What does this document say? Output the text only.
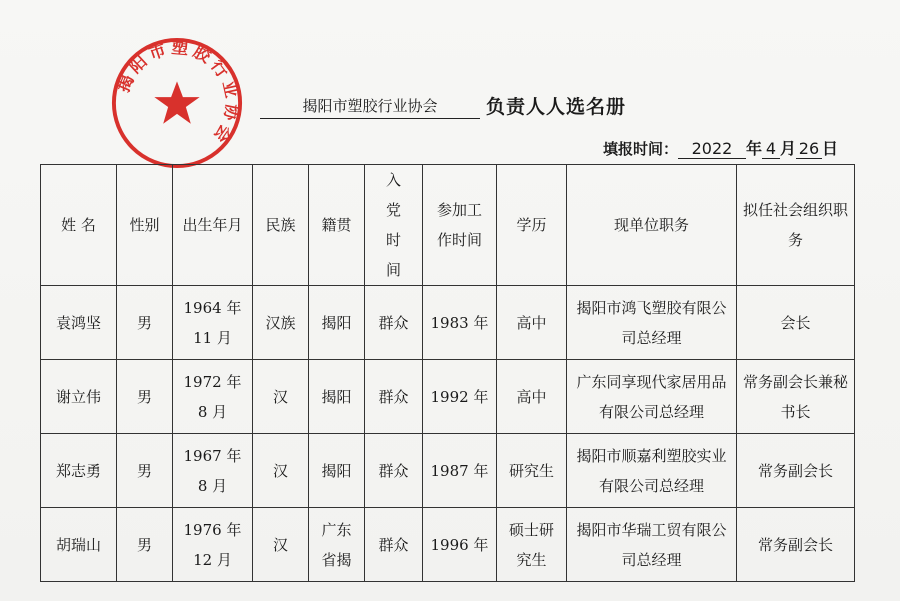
揭阳市塑胶行业协会
揭阳市塑胶行业协会	负责人人选名册
填报时间： 2022 年 4 月 26 日
姓 名	性别	出生年月	民族	籍贯	入党时间	参加工作时间	学历	现单位职务	拟任社会组织职务
袁鸿坚	男	1964 年 11 月	汉族	揭阳	群众	1983 年	高中	揭阳市鸿飞塑胶有限公司总经理	会长
谢立伟	男	1972 年 8 月	汉	揭阳	群众	1992 年	高中	广东同享现代家居用品有限公司总经理	常务副会长兼秘书长
郑志勇	男	1967 年 8 月	汉	揭阳	群众	1987 年	研究生	揭阳市顺嘉利塑胶实业有限公司总经理	常务副会长
胡瑞山	男	1976 年 12 月	汉	广东省揭	群众	1996 年	硕士研究生	揭阳市华瑞工贸有限公司总经理	常务副会长
